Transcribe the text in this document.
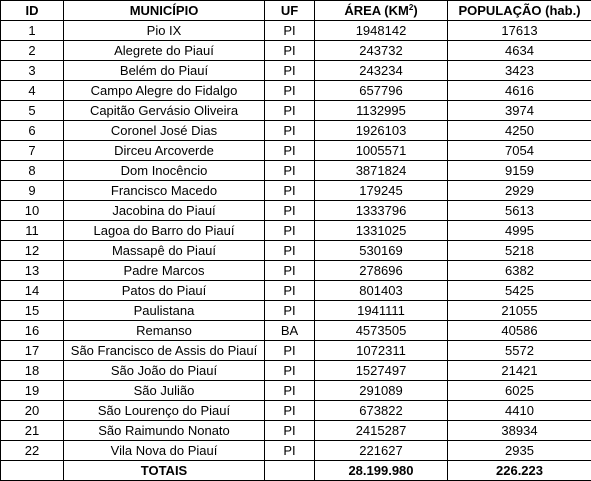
ID	MUNICÍPIO	UF	ÁREA $(KM^2)$	POPULAÇÃO (hab.)
1	Pio IX	PI	1948142	17613
2	Alegrete do Piauí	PI	243732	4634
3	Belém do Piauí	PI	243234	3423
4	Campo Alegre do Fidalgo	PI	657796	4616
5	Capitão Gervásio Oliveira	PI	1132995	3974
6	Coronel José Dias	PI	1926103	4250
7	Dirceu Arcoverde	PI	1005571	7054
8	Dom Inocêncio	PI	3871824	9159
9	Francisco Macedo	PI	179245	2929
10	Jacobina do Piauí	PI	1333796	5613
11	Lagoa do Barro do Piauí	PI	1331025	4995
12	Massapê do Piauí	PI	530169	5218
13	Padre Marcos	PI	278696	6382
14	Patos do Piauí	PI	801403	5425
15	Paulistana	PI	1941111	21055
16	Remanso	BA	4573505	40586
17	São Francisco de Assis do Piauí	PI	1072311	5572
18	São João do Piauí	PI	1527497	21421
19	São Julião	PI	291089	6025
20	São Lourenço do Piauí	PI	673822	4410
21	São Raimundo Nonato	PI	2415287	38934
22	Vila Nova do Piauí	PI	221627	2935
	TOTAIS		28.199.980	226.223
